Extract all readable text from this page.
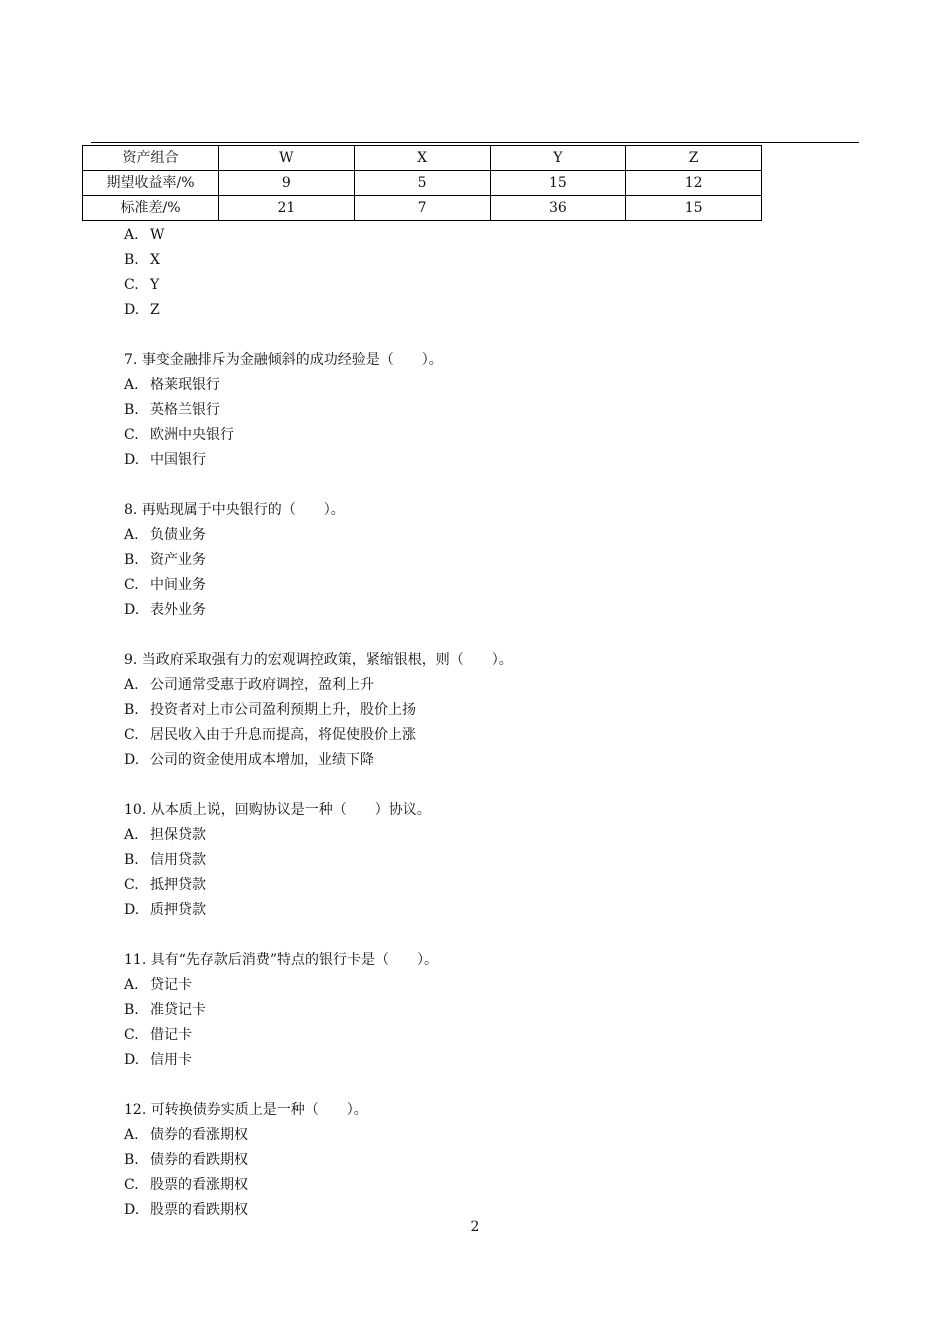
资产组合	W	X	Y	Z
期望收益率/%	9	5	15	12
标准差/%	21	7	36	15
A. W
B. X
C. Y
D. Z
7. 事变金融排斥为金融倾斜的成功经验是（　　）。
A. 格莱珉银行
B. 英格兰银行
C. 欧洲中央银行
D. 中国银行
8. 再贴现属于中央银行的（　　）。
A. 负债业务
B. 资产业务
C. 中间业务
D. 表外业务
9. 当政府采取强有力的宏观调控政策，紧缩银根，则（　　）。
A. 公司通常受惠于政府调控，盈利上升
B. 投资者对上市公司盈利预期上升，股价上扬
C. 居民收入由于升息而提高，将促使股价上涨
D. 公司的资金使用成本增加，业绩下降
10. 从本质上说，回购协议是一种（　　）协议。
A. 担保贷款
B. 信用贷款
C. 抵押贷款
D. 质押贷款
11. 具有“先存款后消费”特点的银行卡是（　　）。
A. 贷记卡
B. 准贷记卡
C. 借记卡
D. 信用卡
12. 可转换债券实质上是一种（　　）。
A. 债券的看涨期权
B. 债券的看跌期权
C. 股票的看涨期权
D. 股票的看跌期权
2
